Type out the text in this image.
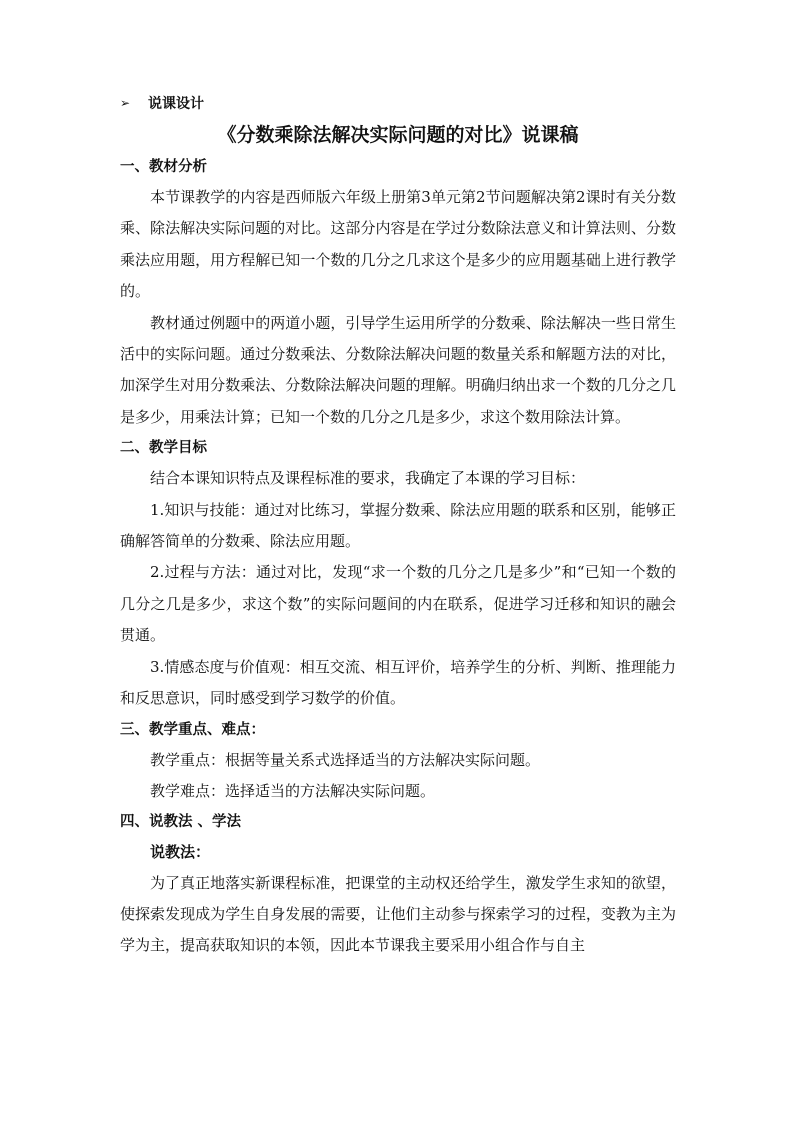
➢	说课设计
《分数乘除法解决实际问题的对比》说课稿
一、教材分析

本节课教学的内容是西师版六年级上册第3单元第2节问题解决第2课时有关分数乘、除法解决实际问题的对比。这部分内容是在学过分数除法意义和计算法则、分数乘法应用题，用方程解已知一个数的几分之几求这个是多少的应用题基础上进行教学的。

教材通过例题中的两道小题，引导学生运用所学的分数乘、除法解决一些日常生活中的实际问题。通过分数乘法、分数除法解决问题的数量关系和解题方法的对比，加深学生对用分数乘法、分数除法解决问题的理解。明确归纳出求一个数的几分之几是多少，用乘法计算；已知一个数的几分之几是多少，求这个数用除法计算。

二、教学目标

结合本课知识特点及课程标准的要求，我确定了本课的学习目标：

1.知识与技能：通过对比练习，掌握分数乘、除法应用题的联系和区别，能够正确解答简单的分数乘、除法应用题。

2.过程与方法：通过对比，发现“求一个数的几分之几是多少”和“已知一个数的几分之几是多少，求这个数”的实际问题间的内在联系，促进学习迁移和知识的融会贯通。

3.情感态度与价值观：相互交流、相互评价，培养学生的分析、判断、推理能力和反思意识，同时感受到学习数学的价值。

三、教学重点、难点：

教学重点：根据等量关系式选择适当的方法解决实际问题。

教学难点：选择适当的方法解决实际问题。

四、说教法 、学法

说教法：

为了真正地落实新课程标准，把课堂的主动权还给学生，激发学生求知的欲望，使探索发现成为学生自身发展的需要，让他们主动参与探索学习的过程，变教为主为学为主，提高获取知识的本领，因此本节课我主要采用小组合作与自主
